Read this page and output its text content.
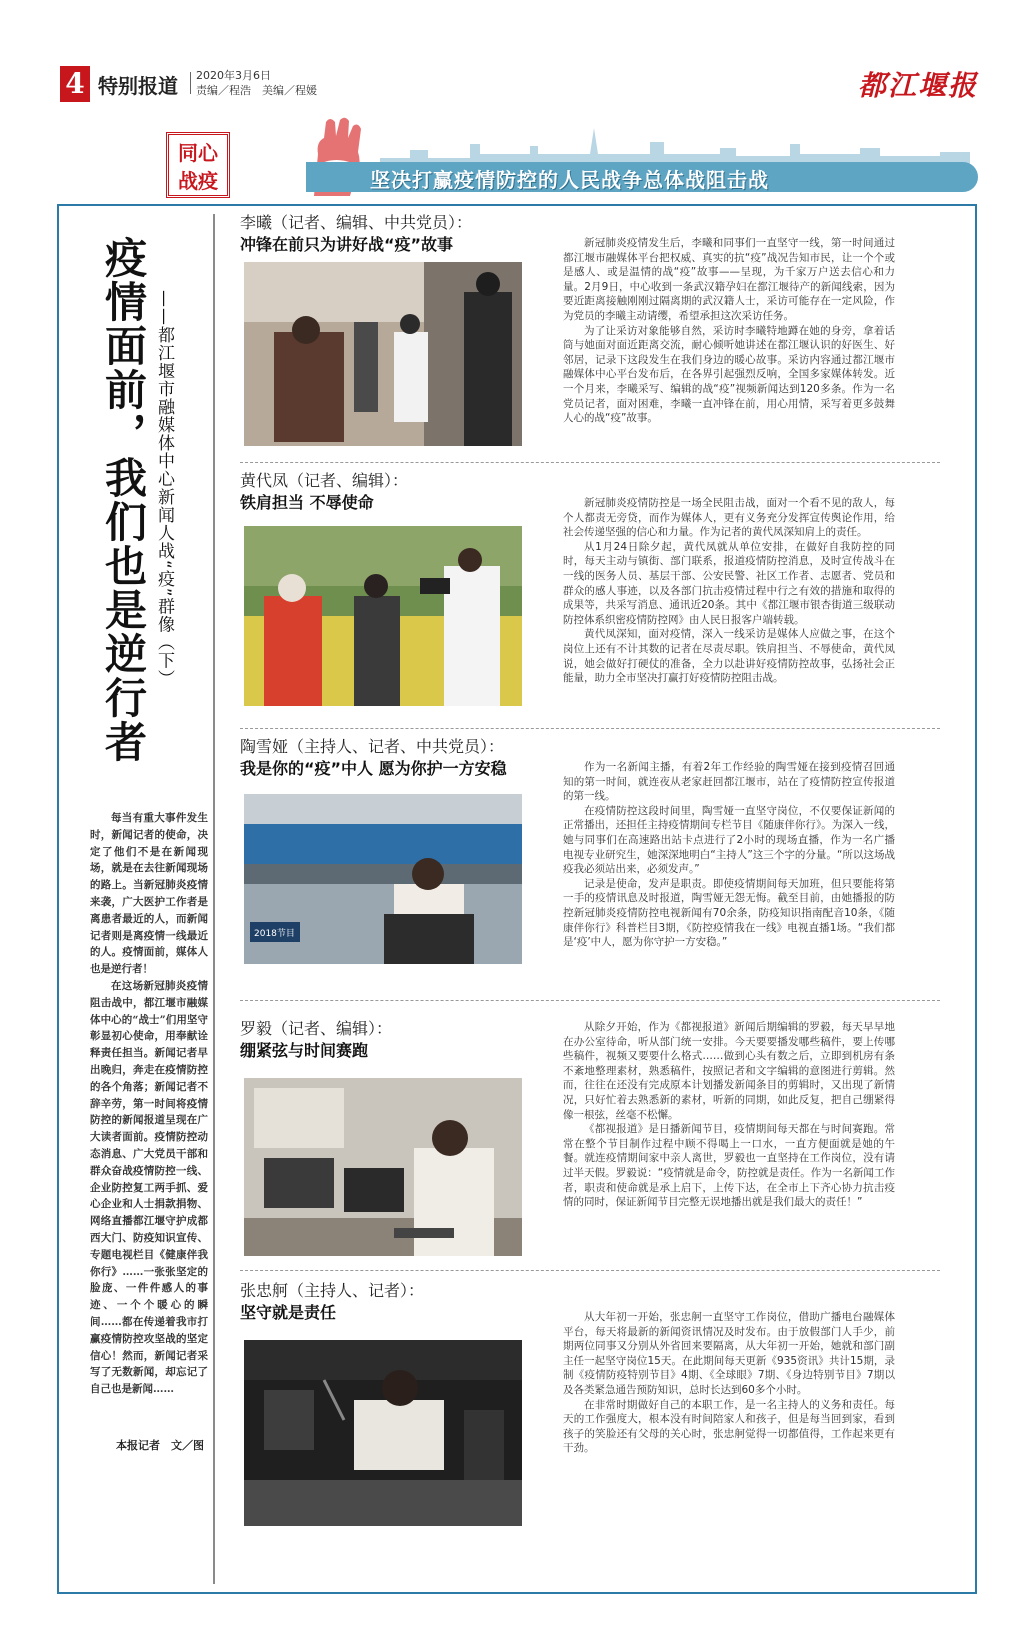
4 特别报道 2020年3月6日
责编／程浩　美编／程媛	都江堰报
同心
战疫	坚决打赢疫情防控的人民战争总体战阻击战
疫情面前，我们也是逆行者 ——都江堰市融媒体中心新闻人战“疫”群像（下）

每当有重大事件发生时，新闻记者的使命，决定了他们不是在新闻现场，就是在去往新闻现场的路上。当新冠肺炎疫情来袭，广大医护工作者是离患者最近的人，而新闻记者则是离疫情一线最近的人。疫情面前，媒体人也是逆行者！

在这场新冠肺炎疫情阻击战中，都江堰市融媒体中心的“战士”们用坚守彰显初心使命，用奉献诠释责任担当。新闻记者早出晚归，奔走在疫情防控的各个角落；新闻记者不辞辛劳，第一时间将疫情防控的新闻报道呈现在广大读者面前。疫情防控动态消息、广大党员干部和群众奋战疫情防控一线、企业防控复工两手抓、爱心企业和人士捐款捐物、网络直播都江堰守护成都西大门、防疫知识宣传、专题电视栏目《健康伴我你行》……一张张坚定的脸庞、一件件感人的事迹、一个个暖心的瞬间……都在传递着我市打赢疫情防控攻坚战的坚定信心！然而，新闻记者采写了无数新闻，却忘记了自己也是新闻……

本报记者　文／图
李曦（记者、编辑、中共党员）：
冲锋在前只为讲好战“疫”故事	新冠肺炎疫情发生后，李曦和同事们一直坚守一线，第一时间通过都江堰市融媒体平台把权威、真实的抗“疫”战况告知市民，让一个个或是感人、或是温情的战“疫”故事——呈现，为千家万户送去信心和力量。2月9日，中心收到一条武汉籍孕妇在都江堰待产的新闻线索，因为要近距离接触刚刚过隔离期的武汉籍人士，采访可能存在一定风险，作为党员的李曦主动请缨，希望承担这次采访任务。

为了让采访对象能够自然，采访时李曦特地蹲在她的身旁，拿着话筒与她面对面近距离交流，耐心倾听她讲述在都江堰认识的好医生、好邻居，记录下这段发生在我们身边的暖心故事。采访内容通过都江堰市融媒体中心平台发布后，在各界引起强烈反响，全国多家媒体转发。近一个月来，李曦采写、编辑的战“疫”视频新闻达到120多条。作为一名党员记者，面对困难，李曦一直冲锋在前，用心用情，采写着更多鼓舞人心的战“疫”故事。

黄代凤（记者、编辑）：
铁肩担当 不辱使命	新冠肺炎疫情防控是一场全民阻击战，面对一个看不见的敌人，每个人都责无旁贷，而作为媒体人，更有义务充分发挥宣传舆论作用，给社会传递坚强的信心和力量。作为记者的黄代凤深知肩上的责任。

从1月24日除夕起，黄代凤就从单位安排，在做好自我防控的同时，每天主动与镇街、部门联系，报道疫情防控消息，及时宣传战斗在一线的医务人员、基层干部、公安民警、社区工作者、志愿者、党员和群众的感人事迹，以及各部门抗击疫情过程中行之有效的措施和取得的成果等，共采写消息、通讯近20条。其中《都江堰市银杏街道三级联动防控体系织密疫情防控网》由人民日报客户端转载。

黄代凤深知，面对疫情，深入一线采访是媒体人应做之事，在这个岗位上还有不计其数的记者在尽责尽职。铁肩担当、不辱使命，黄代凤说，她会做好打硬仗的准备，全力以赴讲好疫情防控故事，弘扬社会正能量，助力全市坚决打赢打好疫情防控阻击战。

陶雪娅（主持人、记者、中共党员）：
我是你的“疫”中人 愿为你护一方安稳
2018节目

作为一名新闻主播，有着2年工作经验的陶雪娅在接到疫情召回通知的第一时间，就连夜从老家赶回都江堰市，站在了疫情防控宣传报道的第一线。

在疫情防控这段时间里，陶雪娅一直坚守岗位，不仅要保证新闻的正常播出，还担任主持疫情期间专栏节目《随康伴你行》。为深入一线，她与同事们在高速路出站卡点进行了2小时的现场直播，作为一名广播电视专业研究生，她深深地明白“主持人”这三个字的分量。“所以这场战疫我必须站出来，必须发声。”

记录是使命，发声是职责。即使疫情期间每天加班，但只要能将第一手的疫情讯息及时报道，陶雪娅无怨无悔。截至目前，由她播报的防控新冠肺炎疫情防控电视新闻有70余条，防疫知识指南配音10条，《随康伴你行》科普栏目3期，《防控疫情我在一线》电视直播1场。“我们都是‘疫’中人，愿为你守护一方安稳。”

罗毅（记者、编辑）：
绷紧弦与时间赛跑

从除夕开始，作为《都视报道》新闻后期编辑的罗毅，每天早早地在办公室待命，听从部门统一安排。今天要要播发哪些稿件，要上传哪些稿件，视频又要要什么格式……做到心头有数之后，立即到机房有条不紊地整理素材，熟悉稿件，按照记者和文字编辑的意图进行剪辑。然而，往往在还没有完成原本计划播发新闻条目的剪辑时，又出现了新情况，只好忙着去熟悉新的素材，听新的同期，如此反复，把自己绷紧得像一根弦，丝毫不松懈。

《都视报道》是日播新闻节目，疫情期间每天都在与时间赛跑。常常在整个节目制作过程中顾不得喝上一口水，一直方便面就是她的午餐。就连疫情期间家中亲人离世，罗毅也一直坚持在工作岗位，没有请过半天假。罗毅说：“疫情就是命令，防控就是责任。作为一名新闻工作者，职责和使命就是承上启下，上传下达，在全市上下齐心协力抗击疫情的同时，保证新闻节目完整无误地播出就是我们最大的责任！”

张忠舸（主持人、记者）：
坚守就是责任	从大年初一开始，张忠舸一直坚守工作岗位，借助广播电台融媒体平台，每天将最新的新闻资讯情况及时发布。由于放假部门人手少，前期两位同事又分别从外省回来要隔离，从大年初一开始，她就和部门副主任一起坚守岗位15天。在此期间每天更新《935资讯》共计15期，录制《疫情防疫特别节目》4期、《全球眼》7期、《身边特别节目》7期以及各类紧急通告预防知识，总时长达到60多个小时。

在非常时期做好自己的本职工作，是一名主持人的义务和责任。每天的工作强度大，根本没有时间陪家人和孩子，但是每当回到家，看到孩子的笑脸还有父母的关心时，张忠舸觉得一切都值得，工作起来更有干劲。
